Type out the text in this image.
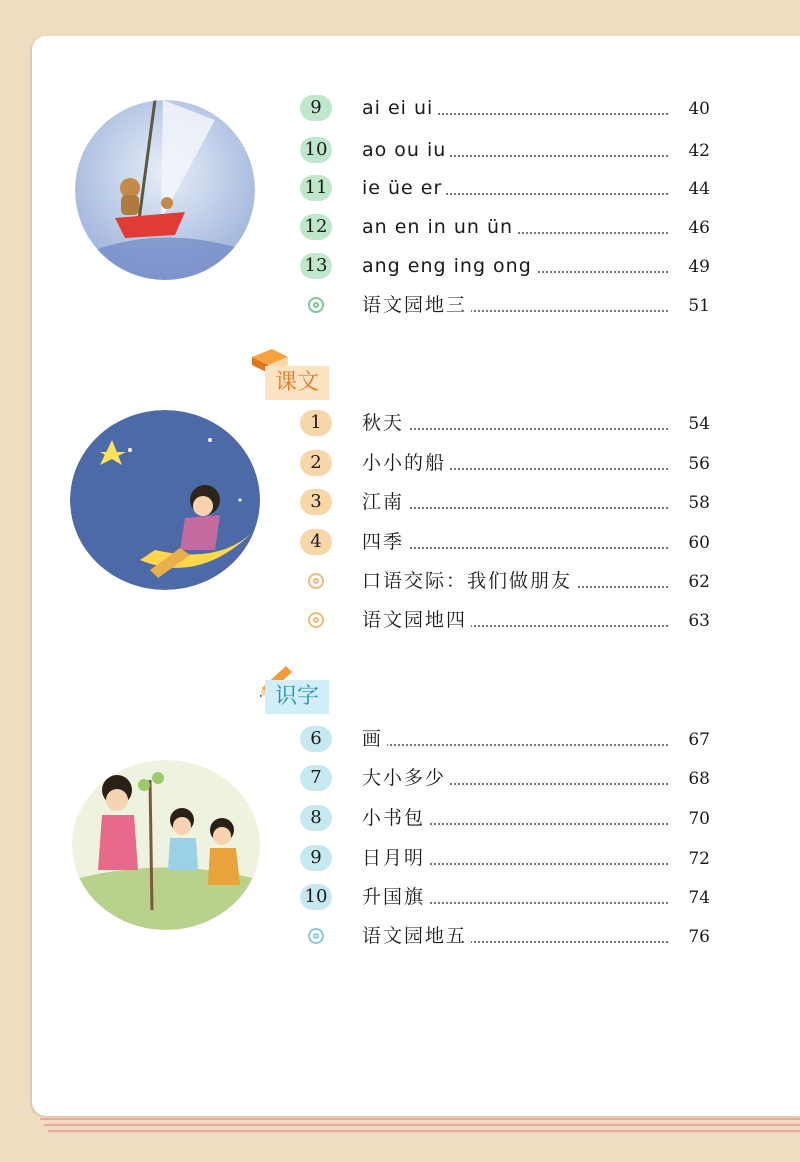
课文
识字
9	ai ei ui	40
10 ao ou iu	42
11 ie üe er	44
12 an en in un ün	46
13 ang eng ing ong	49
语文园地三	51
1	秋天	54
2	小小的船	56
3	江南	58
4	四季	60
口语交际：我们做朋友	62
语文园地四	63
6	画	67
7	大小多少	68
8	小书包	70
9	日月明	72
10 升国旗	74
语文园地五	76
